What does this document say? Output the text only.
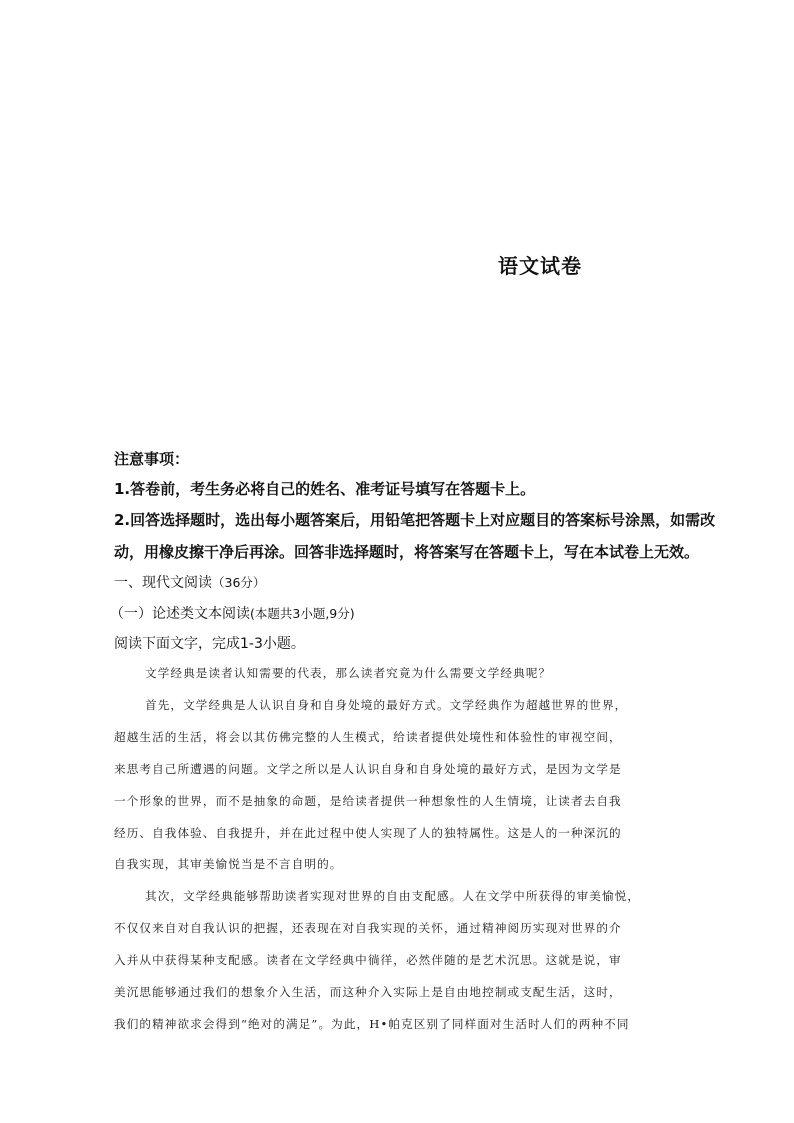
语文试卷
注意事项：
1.答卷前，考生务必将自己的姓名、准考证号填写在答题卡上。
2.回答选择题时，选出每小题答案后，用铅笔把答题卡上对应题目的答案标号涂黑，如需改
动，用橡皮擦干净后再涂。回答非选择题时，将答案写在答题卡上，写在本试卷上无效。
一、现代文阅读（36分）
（一）论述类文本阅读(本题共3小题,9分)
阅读下面文字，完成1-3小题。
文学经典是读者认知需要的代表，那么读者究竟为什么需要文学经典呢？
首先，文学经典是人认识自身和自身处境的最好方式。文学经典作为超越世界的世界，
超越生活的生活，将会以其仿佛完整的人生模式，给读者提供处境性和体验性的审视空间，
来思考自己所遭遇的问题。文学之所以是人认识自身和自身处境的最好方式，是因为文学是
一个形象的世界，而不是抽象的命题，是给读者提供一种想象性的人生情境，让读者去自我
经历、自我体验、自我提升，并在此过程中使人实现了人的独特属性。这是人的一种深沉的
自我实现，其审美愉悦当是不言自明的。
其次，文学经典能够帮助读者实现对世界的自由支配感。人在文学中所获得的审美愉悦，
不仅仅来自对自我认识的把握，还表现在对自我实现的关怀，通过精神阅历实现对世界的介
入并从中获得某种支配感。读者在文学经典中徜徉，必然伴随的是艺术沉思。这就是说，审
美沉思能够通过我们的想象介入生活，而这种介入实际上是自由地控制或支配生活，这时，
我们的精神欲求会得到“绝对的满足”。为此，H•帕克区别了同样面对生活时人们的两种不同
